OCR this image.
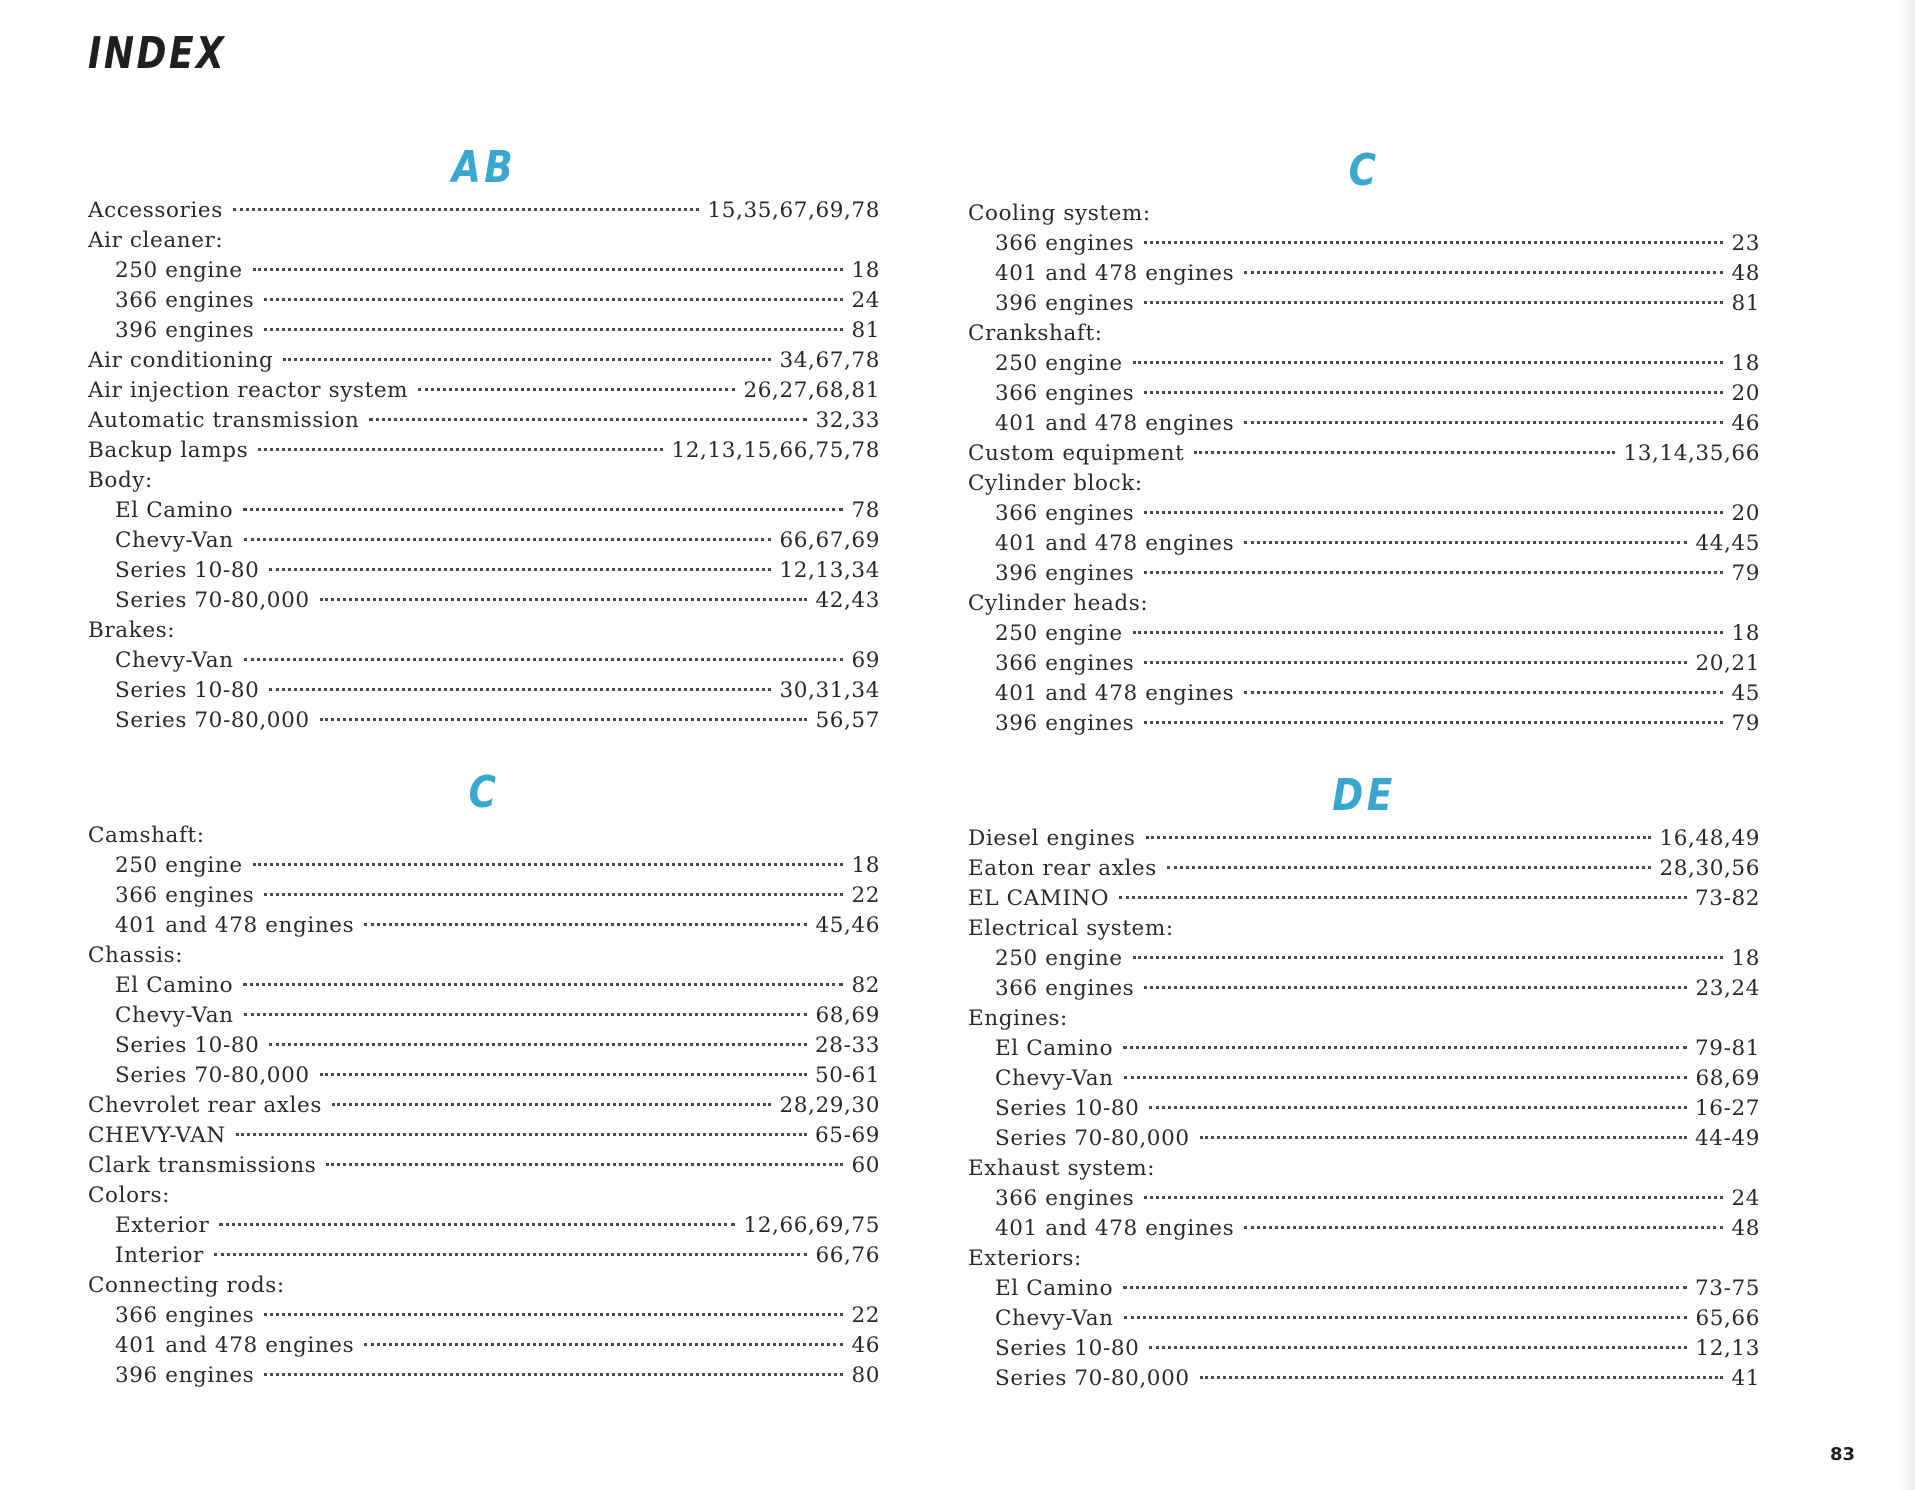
INDEX
AB
Accessories	15,35,67,69,78
Air cleaner:
250 engine	18
366 engines	24
396 engines	81
Air conditioning	34,67,78
Air injection reactor system	26,27,68,81
Automatic transmission	32,33
Backup lamps	12,13,15,66,75,78
Body:
El Camino	78
Chevy-Van	66,67,69
Series 10-80	12,13,34
Series 70-80,000	42,43
Brakes:
Chevy-Van	69
Series 10-80	30,31,34
Series 70-80,000	56,57
C
Camshaft:
250 engine	18
366 engines	22
401 and 478 engines	45,46
Chassis:
El Camino	82
Chevy-Van	68,69
Series 10-80	28-33
Series 70-80,000	50-61
Chevrolet rear axles	28,29,30
CHEVY-VAN	65-69
Clark transmissions	60
Colors:
Exterior	12,66,69,75
Interior	66,76
Connecting rods:
366 engines	22
401 and 478 engines	46
396 engines	80
C
Cooling system:
366 engines	23
401 and 478 engines	48
396 engines	81
Crankshaft:
250 engine	18
366 engines	20
401 and 478 engines	46
Custom equipment	13,14,35,66
Cylinder block:
366 engines	20
401 and 478 engines	44,45
396 engines	79
Cylinder heads:
250 engine	18
366 engines	20,21
401 and 478 engines	45
396 engines	79
DE
Diesel engines	16,48,49
Eaton rear axles	28,30,56
EL CAMINO	73-82
Electrical system:
250 engine	18
366 engines	23,24
Engines:
El Camino	79-81
Chevy-Van	68,69
Series 10-80	16-27
Series 70-80,000	44-49
Exhaust system:
366 engines	24
401 and 478 engines	48
Exteriors:
El Camino	73-75
Chevy-Van	65,66
Series 10-80	12,13
Series 70-80,000	41
83
